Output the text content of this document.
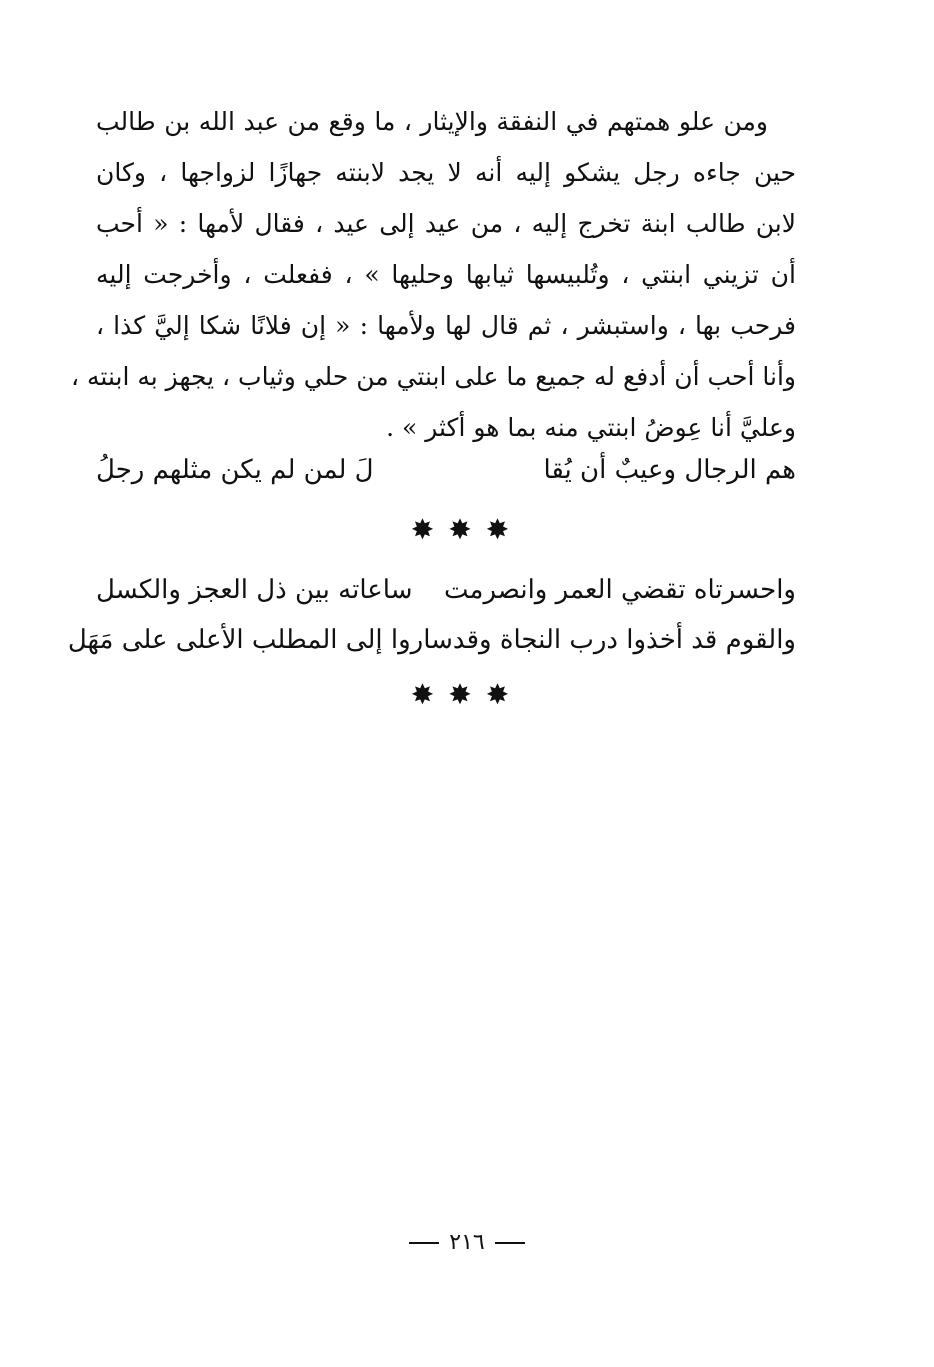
ومن علو همتهم في النفقة والإيثار ، ما وقع من عبد الله بن طالب
حين جاءه رجل يشكو إليه أنه لا يجد لابنته جهازًا لزواجها ، وكان
لابن طالب ابنة تخرج إليه ، من عيد إلى عيد ، فقال لأمها : « أحب
أن تزيني ابنتي ، وتُلبيسها ثيابها وحليها » ، ففعلت ، وأخرجت إليه
فرحب بها ، واستبشر ، ثم قال لها ولأمها : « إن فلانًا شكا إليَّ كذا ،
وأنا أحب أن أدفع له جميع ما على ابنتي من حلي وثياب ، يجهز به ابنته ،
وعليَّ أنا عِوضُ ابنتي منه بما هو أكثر » .
هم الرجال وعيبٌ أن يُقا
لَ لمن لم يكن مثلهم رجلُ
✸✸✸
واحسرتاه تقضي العمر وانصرمت
ساعاته بين ذل العجز والكسل
والقوم قد أخذوا درب النجاة وقد
ساروا إلى المطلب الأعلى على مَهَل
✸✸✸
٢١٦
